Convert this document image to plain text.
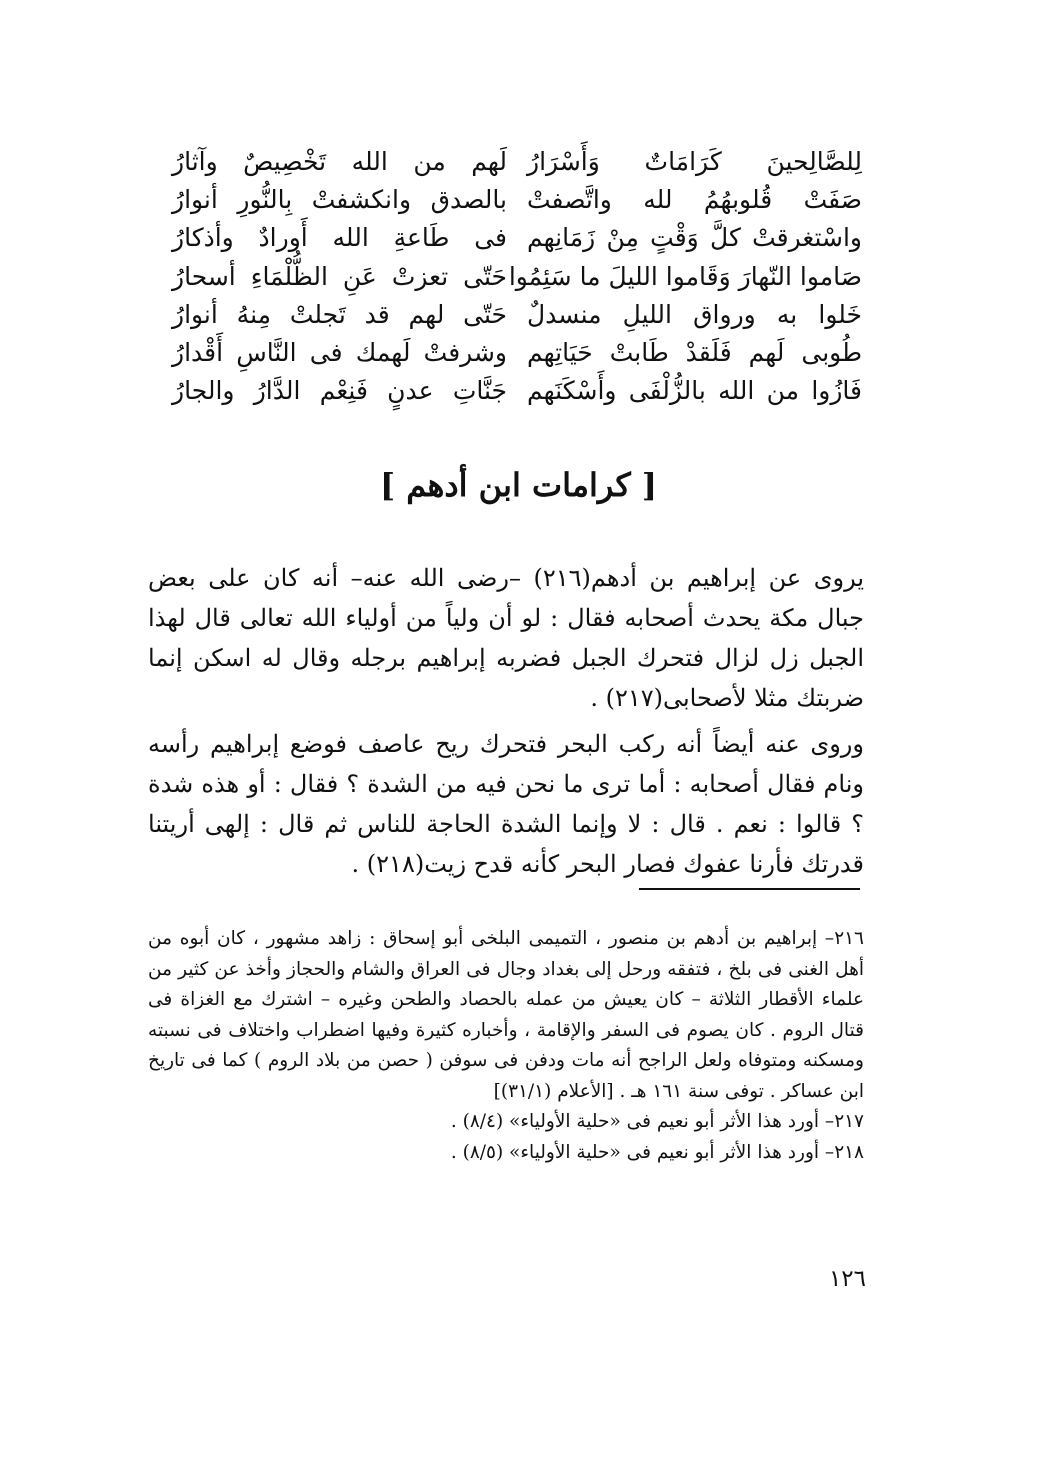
لِلصَّالِحينَ كَرَامَاتٌ وَأَسْرَارُ
لَهم من الله تَخْصِيصٌ وآثارُ
صَفَتْ قُلوبهُمُ لله واتَّصفتْ
بالصدق وانكشفتْ بِالنُّورِ أنوارُ
واسْتغرقتْ كلَّ وَقْتٍ مِنْ زَمَانِهم
فى طَاعةِ الله أَورادٌ وأذكارُ
صَاموا النّهارَ وَقَاموا الليلَ ما سَئِمُوا
حَتّى تعزتْ عَنِ الظُّلْمَاءِ أسحارُ
خَلوا به ورواق الليلِ منسدلٌ
حَتّى لهم قد تَجلتْ مِنهُ أنوارُ
طُوبى لَهم فَلَقدْ طَابتْ حَيَاتِهم
وشرفتْ لَهمك فى النَّاسِ أَقْدارُ
فَازُوا من الله بالزُّلْفَى وأَسْكَنَهم
جَنَّاتِ عدنٍ فَنِعْم الدَّارُ والجارُ
[ كرامات ابن أدهم ]

يروى عن إبراهيم بن أدهم(٢١٦) –رضى الله عنه– أنه كان على بعض جبال مكة يحدث أصحابه فقال : لو أن ولياً من أولياء الله تعالى قال لهذا الجبل زل لزال فتحرك الجبل فضربه إبراهيم برجله وقال له اسكن إنما ضربتك مثلا لأصحابى(٢١٧) .

وروى عنه أيضاً أنه ركب البحر فتحرك ريح عاصف فوضع إبراهيم رأسه ونام فقال أصحابه : أما ترى ما نحن فيه من الشدة ؟ فقال : أو هذه شدة ؟ قالوا : نعم . قال : لا وإنما الشدة الحاجة للناس ثم قال : إلهى أريتنا قدرتك فأرنا عفوك فصار البحر كأنه قدح زيت(٢١٨) .

٢١٦– إبراهيم بن أدهم بن منصور ، التميمى البلخى أبو إسحاق : زاهد مشهور ، كان أبوه من أهل الغنى فى بلخ ، فتفقه ورحل إلى بغداد وجال فى العراق والشام والحجاز وأخذ عن كثير من علماء الأقطار الثلاثة – كان يعيش من عمله بالحصاد والطحن وغيره – اشترك مع الغزاة فى قتال الروم . كان يصوم فى السفر والإقامة ، وأخباره كثيرة وفيها اضطراب واختلاف فى نسبته ومسكنه ومتوفاه ولعل الراجح أنه مات ودفن فى سوفن ( حصن من بلاد الروم ) كما فى تاريخ ابن عساكر . توفى سنة ١٦١ هـ . [الأعلام (٣١/١)]
٢١٧– أورد هذا الأثر أبو نعيم فى «حلية الأولياء» (٨/٤) .
٢١٨– أورد هذا الأثر أبو نعيم فى «حلية الأولياء» (٨/٥) .
١٢٦
